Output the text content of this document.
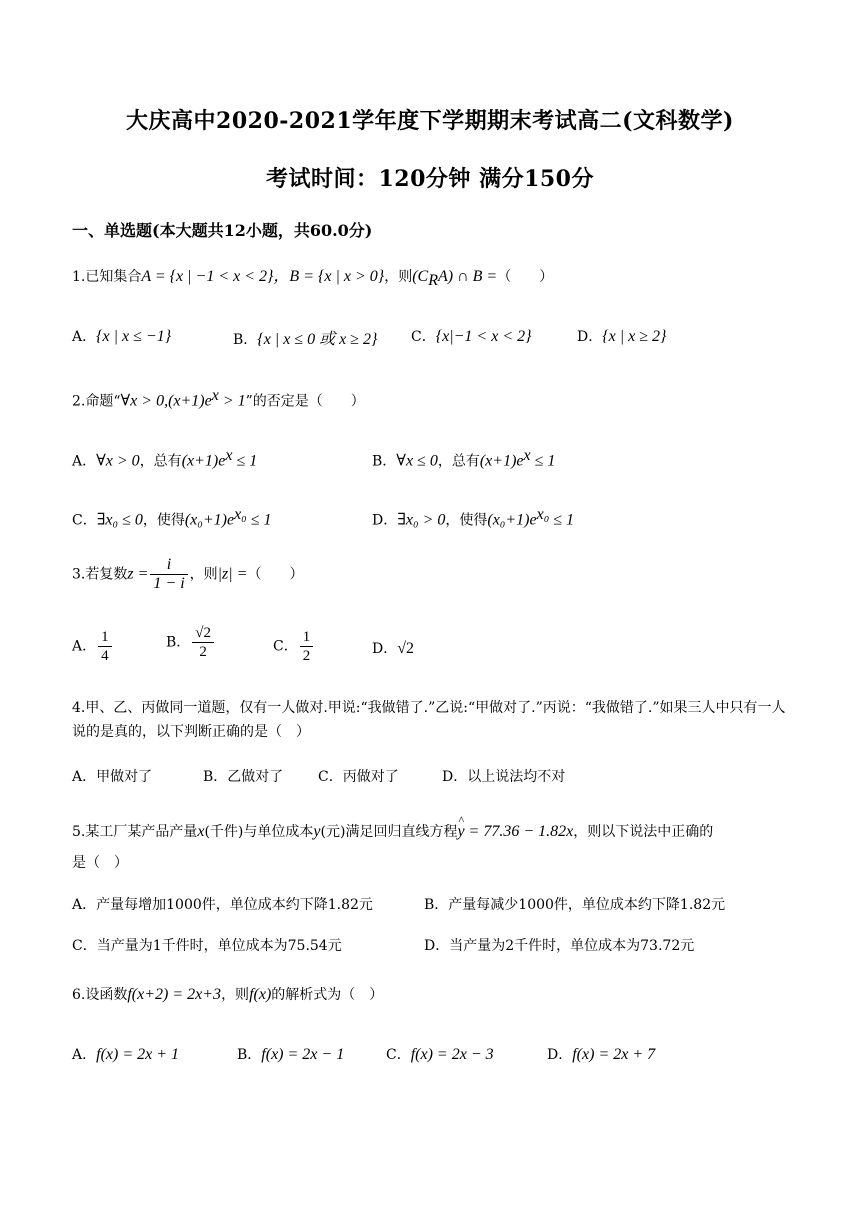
大庆高中2020-2021学年度下学期期末考试高二(文科数学)
考试时间：120分钟 满分150分
一、单选题(本大题共12小题，共60.0分)
1.已知集合A = {x | −1 < x < 2}，B = {x | x > 0}，则$(C_RA)$ ∩ B =（　　）
A．{x | x ≤ −1}	B．{x | x ≤ 0 或 x ≥ 2} C．{x|−1 < x < 2}	D．{x | x ≥ 2}
2.命题“∀x > $0,(x+1)e^x > 1$”的否定是（　　）
A．∀x > 0，总有$(x+1)e^x \le 1$	B．∀x ≤ 0，总有$(x+1)e^x \le 1$
C．∃x₀ ≤ 0，使得$(x_0+1)e^{x_0} \le 1$	D．∃x₀ > 0，使得$(x_0+1)e^{x_0} \le 1$
3.若复数$z = \frac{i}{1 - i}$ ，则|z| =（　　）
A． $\frac{1}{4}$	B． $\frac{√2}{2}$	C． $\frac{1}{2}$	D．√2
4.甲、乙、丙做同一道题，仅有一人做对.甲说:“我做错了.”乙说:“甲做对了.”丙说：“我做错了.”如果三人中只有一人说的是真的，以下判断正确的是（　）
A．甲做对了	B．乙做对了 C．丙做对了	D．以上说法均不对
5.某工厂某产品产量x(千件)与单位成本y(元)满足回归直线方程^ y = 77.36 − 1.82x，则以下说法中正确的
是（　）
A．产量每增加1000件，单位成本约下降1.82元	B．产量每减少1000件，单位成本约下降1.82元
C．当产量为1千件时，单位成本为75.54元	D．当产量为2千件时，单位成本为73.72元
6.设函数f(x+2) = 2x+3，则f(x)的解析式为（　）
A．f(x) = 2x + 1	B．f(x) = 2x − 1	C．f(x) = 2x − 3	D．f(x) = 2x + 7
